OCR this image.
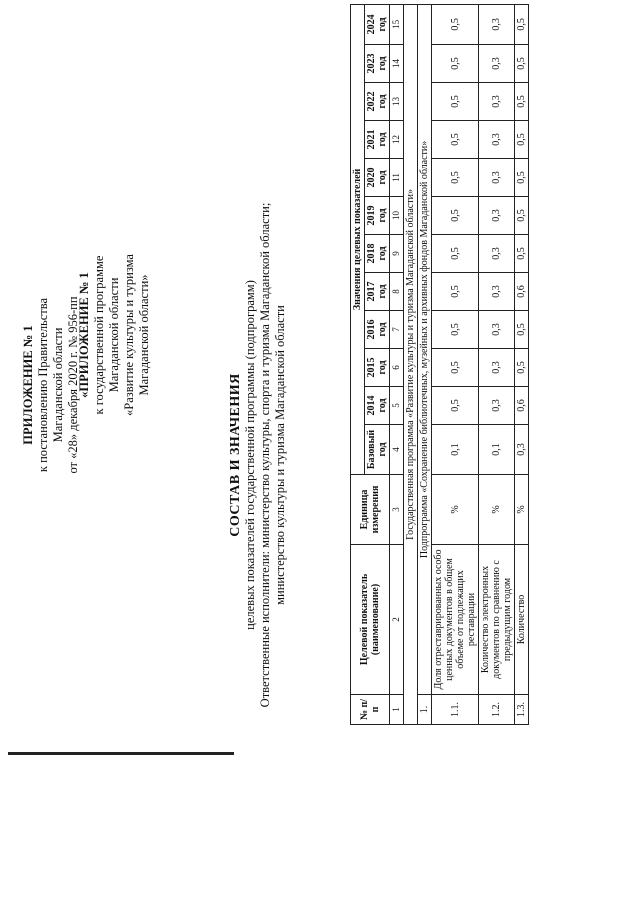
ПРИЛОЖЕНИЕ № 1 к постановлению Правительства Магаданской области от «28» декабря 2020 г. № 956-пп
«ПРИЛОЖЕНИЕ № 1 к государственной программе Магаданской области «Развитие культуры и туризма Магаданской области»
СОСТАВ И ЗНАЧЕНИЯ целевых показателей государственной программы (подпрограмм) Ответственные исполнители: министерство культуры, спорта и туризма Магаданской области; министерство культуры и туризма Магаданской области
№ п/п	Целевой показатель (наименование)	Единица измерения	Значения целевых показателей											
			Базовый год	2014 год	2015 год	2016 год	2017 год	2018 год	2019 год	2020 год	2021 год	2022 год	2023 год	2024 год
1	2	3	4	5	6	7	8	9	10	11	12	13	14	15
Государственная программа «Развитие культуры и туризма Магаданской области»														
1.	Подпрограмма «Сохранение библиотечных, музейных и архивных фондов Магаданской области»													
1.1.	Доля отреставрированных особо ценных документов в общем объеме от подлежащих реставрации	%	0,1	0,5	0,5	0,5	0,5	0,5	0,5	0,5	0,5	0,5	0,5	0,5
1.2.	Количество электронных документов по сравнению с предыдущим годом	%	0,1	0,3	0,3	0,3	0,3	0,3	0,3	0,3	0,3	0,3	0,3	0,3
1.3.	Количество	%	0,3	0,6	0,5	0,5	0,6	0,5	0,5	0,5	0,5	0,5	0,5	0,5
